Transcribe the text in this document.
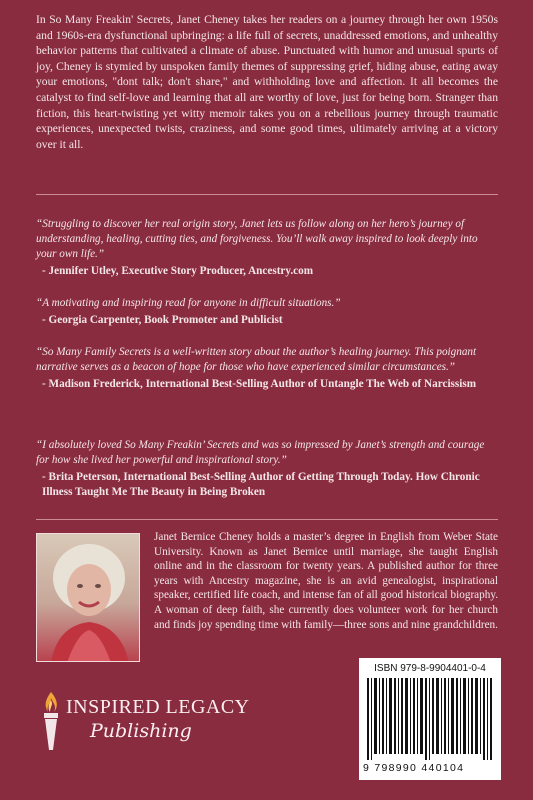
In So Many Freakin' Secrets, Janet Cheney takes her readers on a journey through her own 1950s and 1960s-era dysfunctional upbringing: a life full of secrets, unaddressed emotions, and unhealthy behavior patterns that cultivated a climate of abuse. Punctuated with humor and unusual spurts of joy, Cheney is stymied by unspoken family themes of suppressing grief, hiding abuse, eating away your emotions, "dont talk; don't share," and withholding love and affection. It all becomes the catalyst to find self-love and learning that all are worthy of love, just for being born. Stranger than fiction, this heart-twisting yet witty memoir takes you on a rebellious journey through traumatic experiences, unexpected twists, craziness, and some good times, ultimately arriving at a victory over it all.

“Struggling to discover her real origin story, Janet lets us follow along on her hero’s journey of understanding, healing, cutting ties, and forgiveness. You’ll walk away inspired to look deeply into your own life.”

- Jennifer Utley, Executive Story Producer, Ancestry.com

“A motivating and inspiring read for anyone in difficult situations.”

- Georgia Carpenter, Book Promoter and Publicist

“So Many Family Secrets is a well-written story about the author’s healing journey. This poignant narrative serves as a beacon of hope for those who have experienced similar circumstances.”

- Madison Frederick, International Best-Selling Author of Untangle The Web of Narcissism

“I absolutely loved So Many Freakin’ Secrets and was so impressed by Janet’s strength and courage for how she lived her powerful and inspirational story.”

- Brita Peterson, International Best-Selling Author of Getting Through Today. How Chronic Illness Taught Me The Beauty in Being Broken

Janet Bernice Cheney holds a master’s degree in English from Weber State University. Known as Janet Bernice until marriage, she taught English online and in the classroom for twenty years. A published author for three years with Ancestry magazine, she is an avid genealogist, inspirational speaker, certified life coach, and intense fan of all good historical biography. A woman of deep faith, she currently does volunteer work for her church and finds joy spending time with family—three sons and nine grandchildren.

INSPIRED LEGACY
Publishing
ISBN 979-8-9904401-0-4
9 798990 440104
